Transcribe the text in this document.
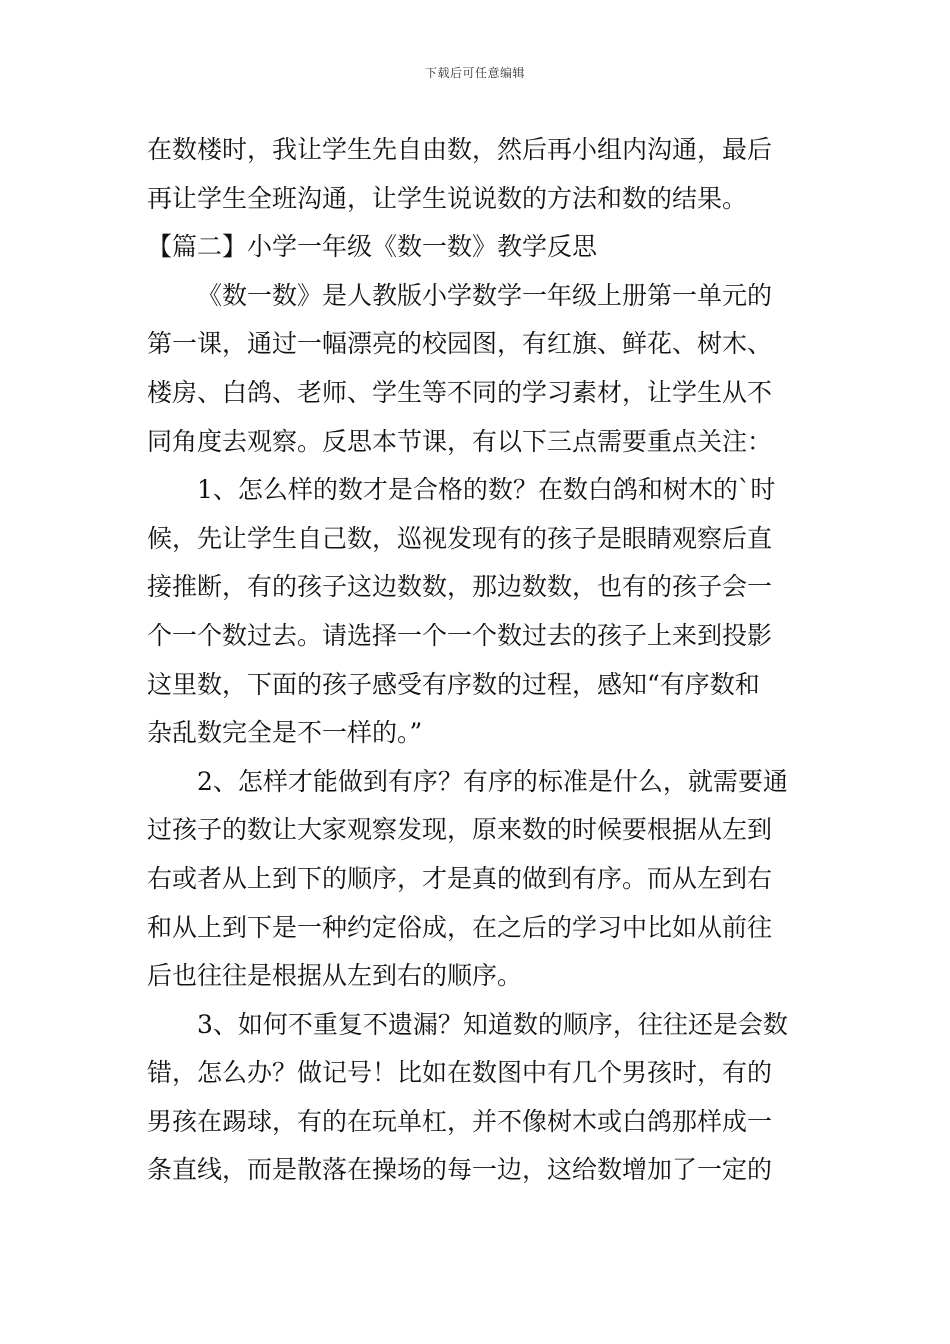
下载后可任意编辑
在数楼时，我让学生先自由数，然后再小组内沟通，最后
再让学生全班沟通，让学生说说数的方法和数的结果。
【篇二】小学一年级《数一数》教学反思
《数一数》是人教版小学数学一年级上册第一单元的
第一课，通过一幅漂亮的校园图，有红旗、鲜花、树木、
楼房、白鸽、老师、学生等不同的学习素材，让学生从不
同角度去观察。反思本节课，有以下三点需要重点关注：
1、怎么样的数才是合格的数？在数白鸽和树木的`时
候，先让学生自己数，巡视发现有的孩子是眼睛观察后直
接推断，有的孩子这边数数，那边数数，也有的孩子会一
个一个数过去。请选择一个一个数过去的孩子上来到投影
这里数，下面的孩子感受有序数的过程，感知“有序数和
杂乱数完全是不一样的。”
2、怎样才能做到有序？有序的标准是什么，就需要通
过孩子的数让大家观察发现，原来数的时候要根据从左到
右或者从上到下的顺序，才是真的做到有序。而从左到右
和从上到下是一种约定俗成，在之后的学习中比如从前往
后也往往是根据从左到右的顺序。
3、如何不重复不遗漏？知道数的顺序，往往还是会数
错，怎么办？做记号！比如在数图中有几个男孩时，有的
男孩在踢球，有的在玩单杠，并不像树木或白鸽那样成一
条直线，而是散落在操场的每一边，这给数增加了一定的
